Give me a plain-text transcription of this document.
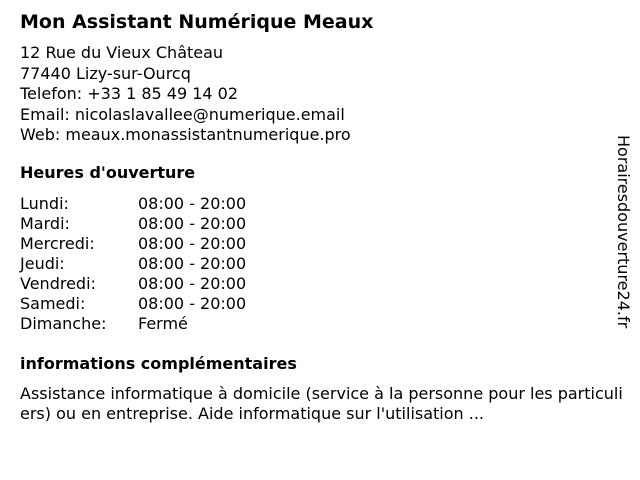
Mon Assistant Numérique Meaux
12 Rue du Vieux Château
77440 Lizy-sur-Ourcq
Telefon: +33 1 85 49 14 02
Email: nicolaslavallee@numerique.email
Web: meaux.monassistantnumerique.pro
Heures d'ouverture
Lundi:	08:00 - 20:00
Mardi:	08:00 - 20:00
Mercredi:	08:00 - 20:00
Jeudi:	08:00 - 20:00
Vendredi:	08:00 - 20:00
Samedi:	08:00 - 20:00
Dimanche: Fermé
informations complémentaires
Assistance informatique à domicile (service à la personne pour les particuliers) ou en entreprise. Aide informatique sur l'utilisation ...
Horairesdouverture24.fr
